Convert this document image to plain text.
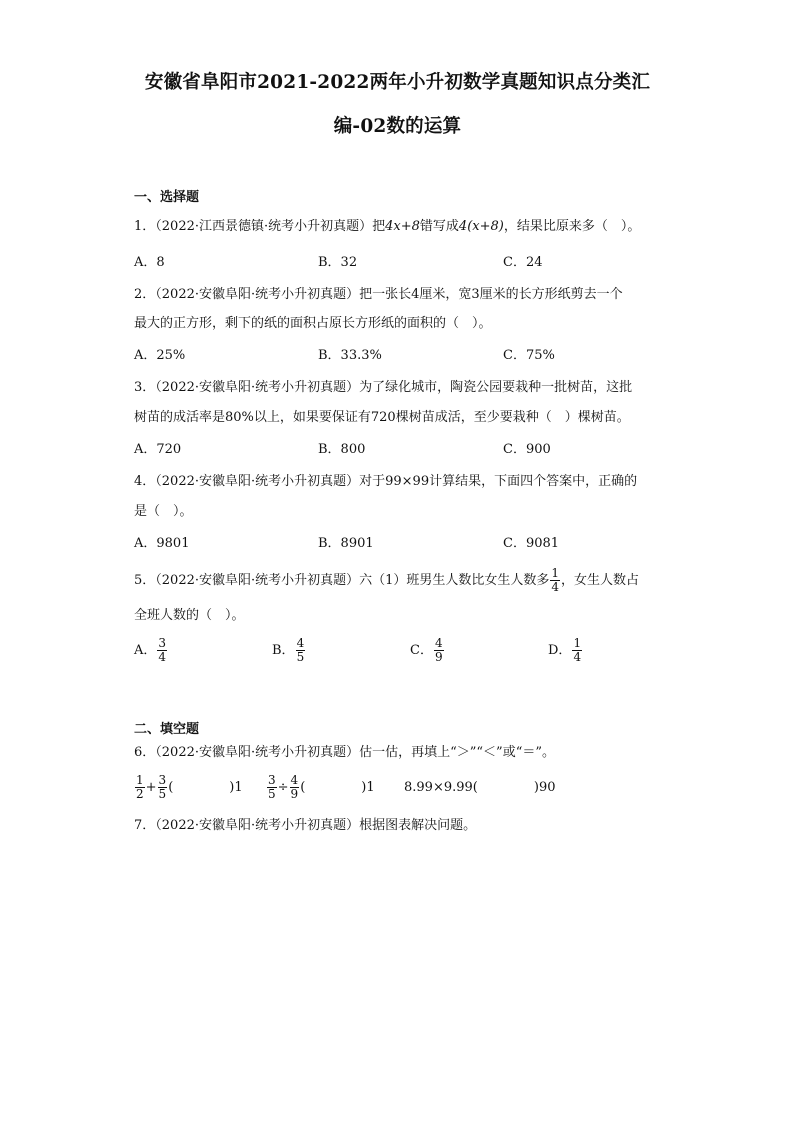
安徽省阜阳市2021-2022两年小升初数学真题知识点分类汇
编-02数的运算
一、选择题
1．（2022·江西景德镇·统考小升初真题）把4x+8错写成4(x+8)，结果比原来多（　）。
A．8	B．32	C．24
2．（2022·安徽阜阳·统考小升初真题）把一张长4厘米，宽3厘米的长方形纸剪去一个
最大的正方形，剩下的纸的面积占原长方形纸的面积的（　）。
A．25%	B．33.3%	C．75%
3．（2022·安徽阜阳·统考小升初真题）为了绿化城市，陶瓷公园要栽种一批树苗，这批
树苗的成活率是80%以上，如果要保证有720棵树苗成活，至少要栽种（　）棵树苗。
A．720	B．800	C．900
4．（2022·安徽阜阳·统考小升初真题）对于99×99计算结果，下面四个答案中，正确的
是（　）。
A．9801	B．8901	C．9081
5．（2022·安徽阜阳·统考小升初真题）六（1）班男生人数比女生人数多 $\frac{1}{4}$ ，女生人数占
全班人数的（　）。
A． $\frac{3}{4}$	B． $\frac{4}{5}$	C． $\frac{4}{9}$	D． $\frac{1}{4}$
二、填空题
6．（2022·安徽阜阳·统考小升初真题）估一估，再填上“＞”“＜”或“＝”。
$\frac{1}{2} + \frac{3}{5}$ (	)$1 \frac{3}{5} \div \frac{4}{9}$ (	)1 8.99×9.99(	)90
7．（2022·安徽阜阳·统考小升初真题）根据图表解决问题。
